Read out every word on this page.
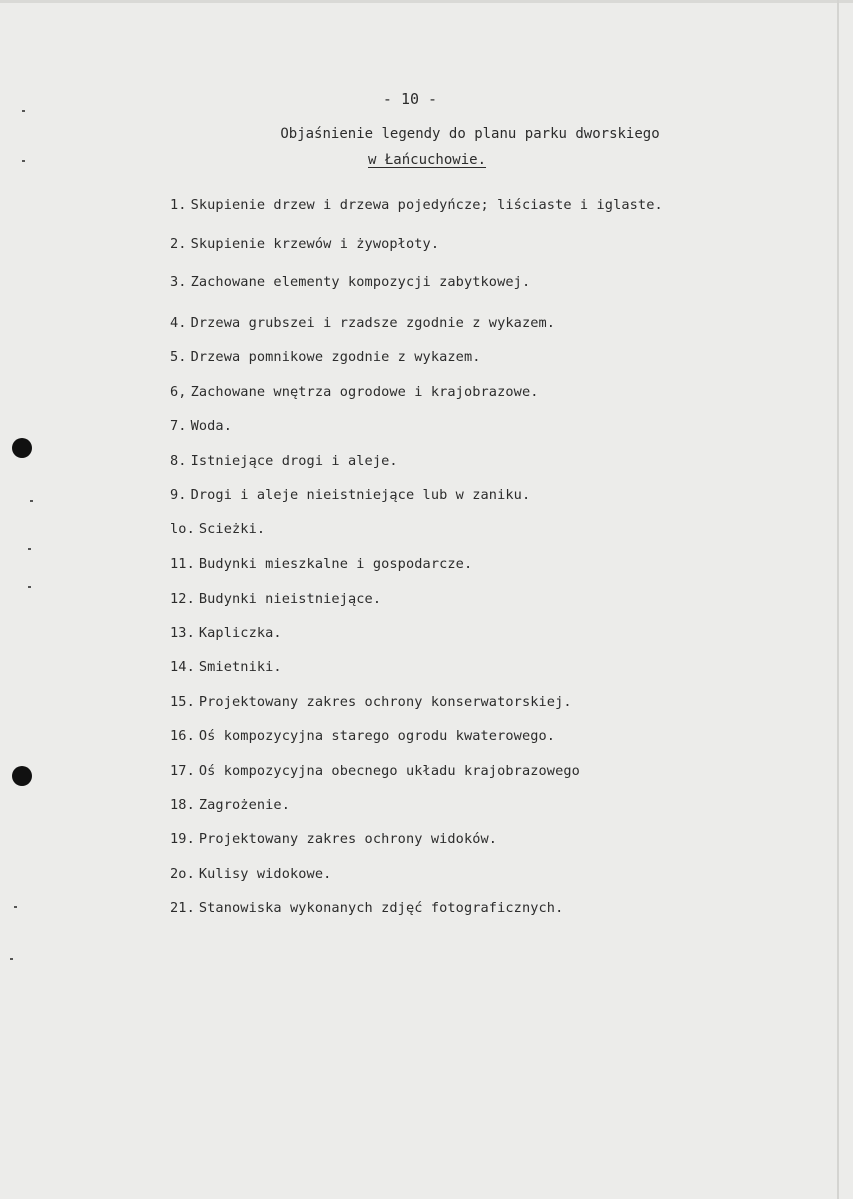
- 10 -
Objaśnienie legendy do planu parku dworskiego
w Łańcuchowie.
1. Skupienie drzew i drzewa pojedyńcze; liściaste i iglaste.
2. Skupienie krzewów i żywopłoty.
3. Zachowane elementy kompozycji zabytkowej.
4. Drzewa grubszei i rzadsze zgodnie z wykazem.
5. Drzewa pomnikowe zgodnie z wykazem.
6, Zachowane wnętrza ogrodowe i krajobrazowe.
7. Woda.
8. Istniejące drogi i aleje.
9. Drogi i aleje nieistniejące lub w zaniku.
lo. Scieżki.
11. Budynki mieszkalne i gospodarcze.
12. Budynki nieistniejące.
13. Kapliczka.
14. Smietniki.
15. Projektowany zakres ochrony konserwatorskiej.
16. Oś kompozycyjna starego ogrodu kwaterowego.
17. Oś kompozycyjna obecnego układu krajobrazowego
18. Zagrożenie.
19. Projektowany zakres ochrony widoków.
2o. Kulisy widokowe.
21. Stanowiska wykonanych zdjęć fotograficznych.
